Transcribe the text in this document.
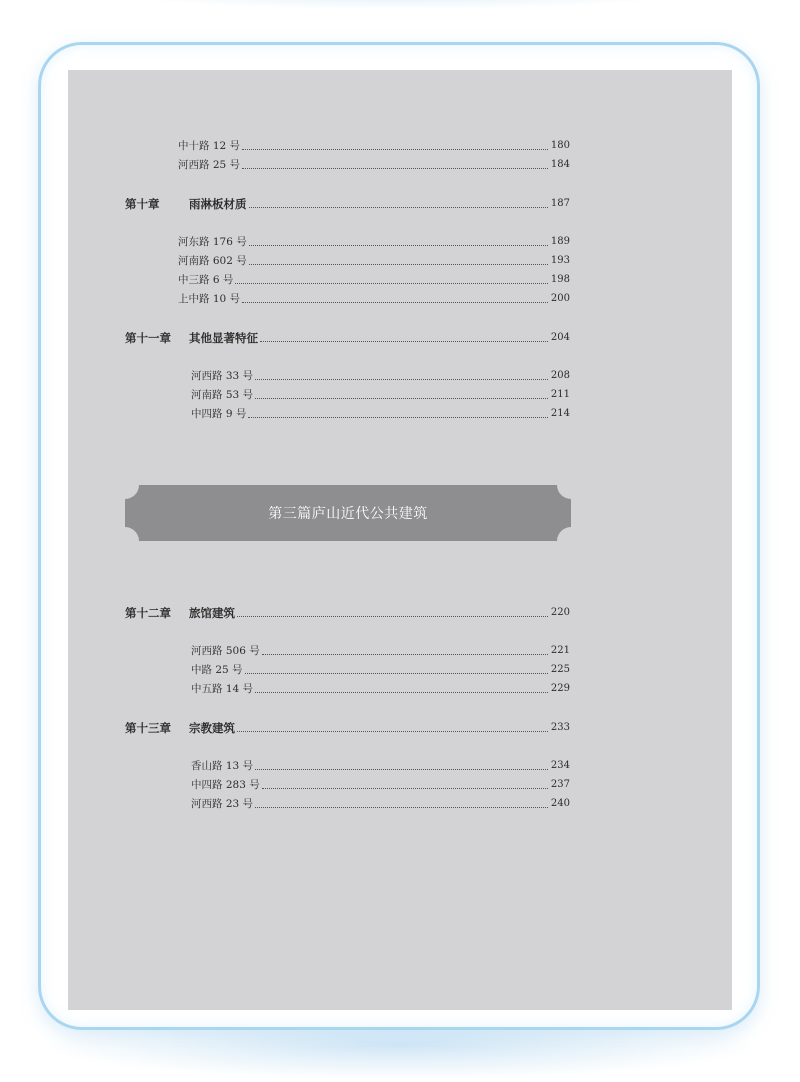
中十路 12 号	180
河西路 25 号	184
第十章	雨淋板材质	187
河东路 176 号	189
河南路 602 号	193
中三路 6 号	198
上中路 10 号	200
第十一章 其他显著特征	204
河西路 33 号	208
河南路 53 号	211
中四路 9 号	214
第三篇 庐山近代公共建筑
第十二章 旅馆建筑	220
河西路 506 号	221
中路 25 号	225
中五路 14 号	229
第十三章 宗教建筑	233
香山路 13 号	234
中四路 283 号	237
河西路 23 号	240
